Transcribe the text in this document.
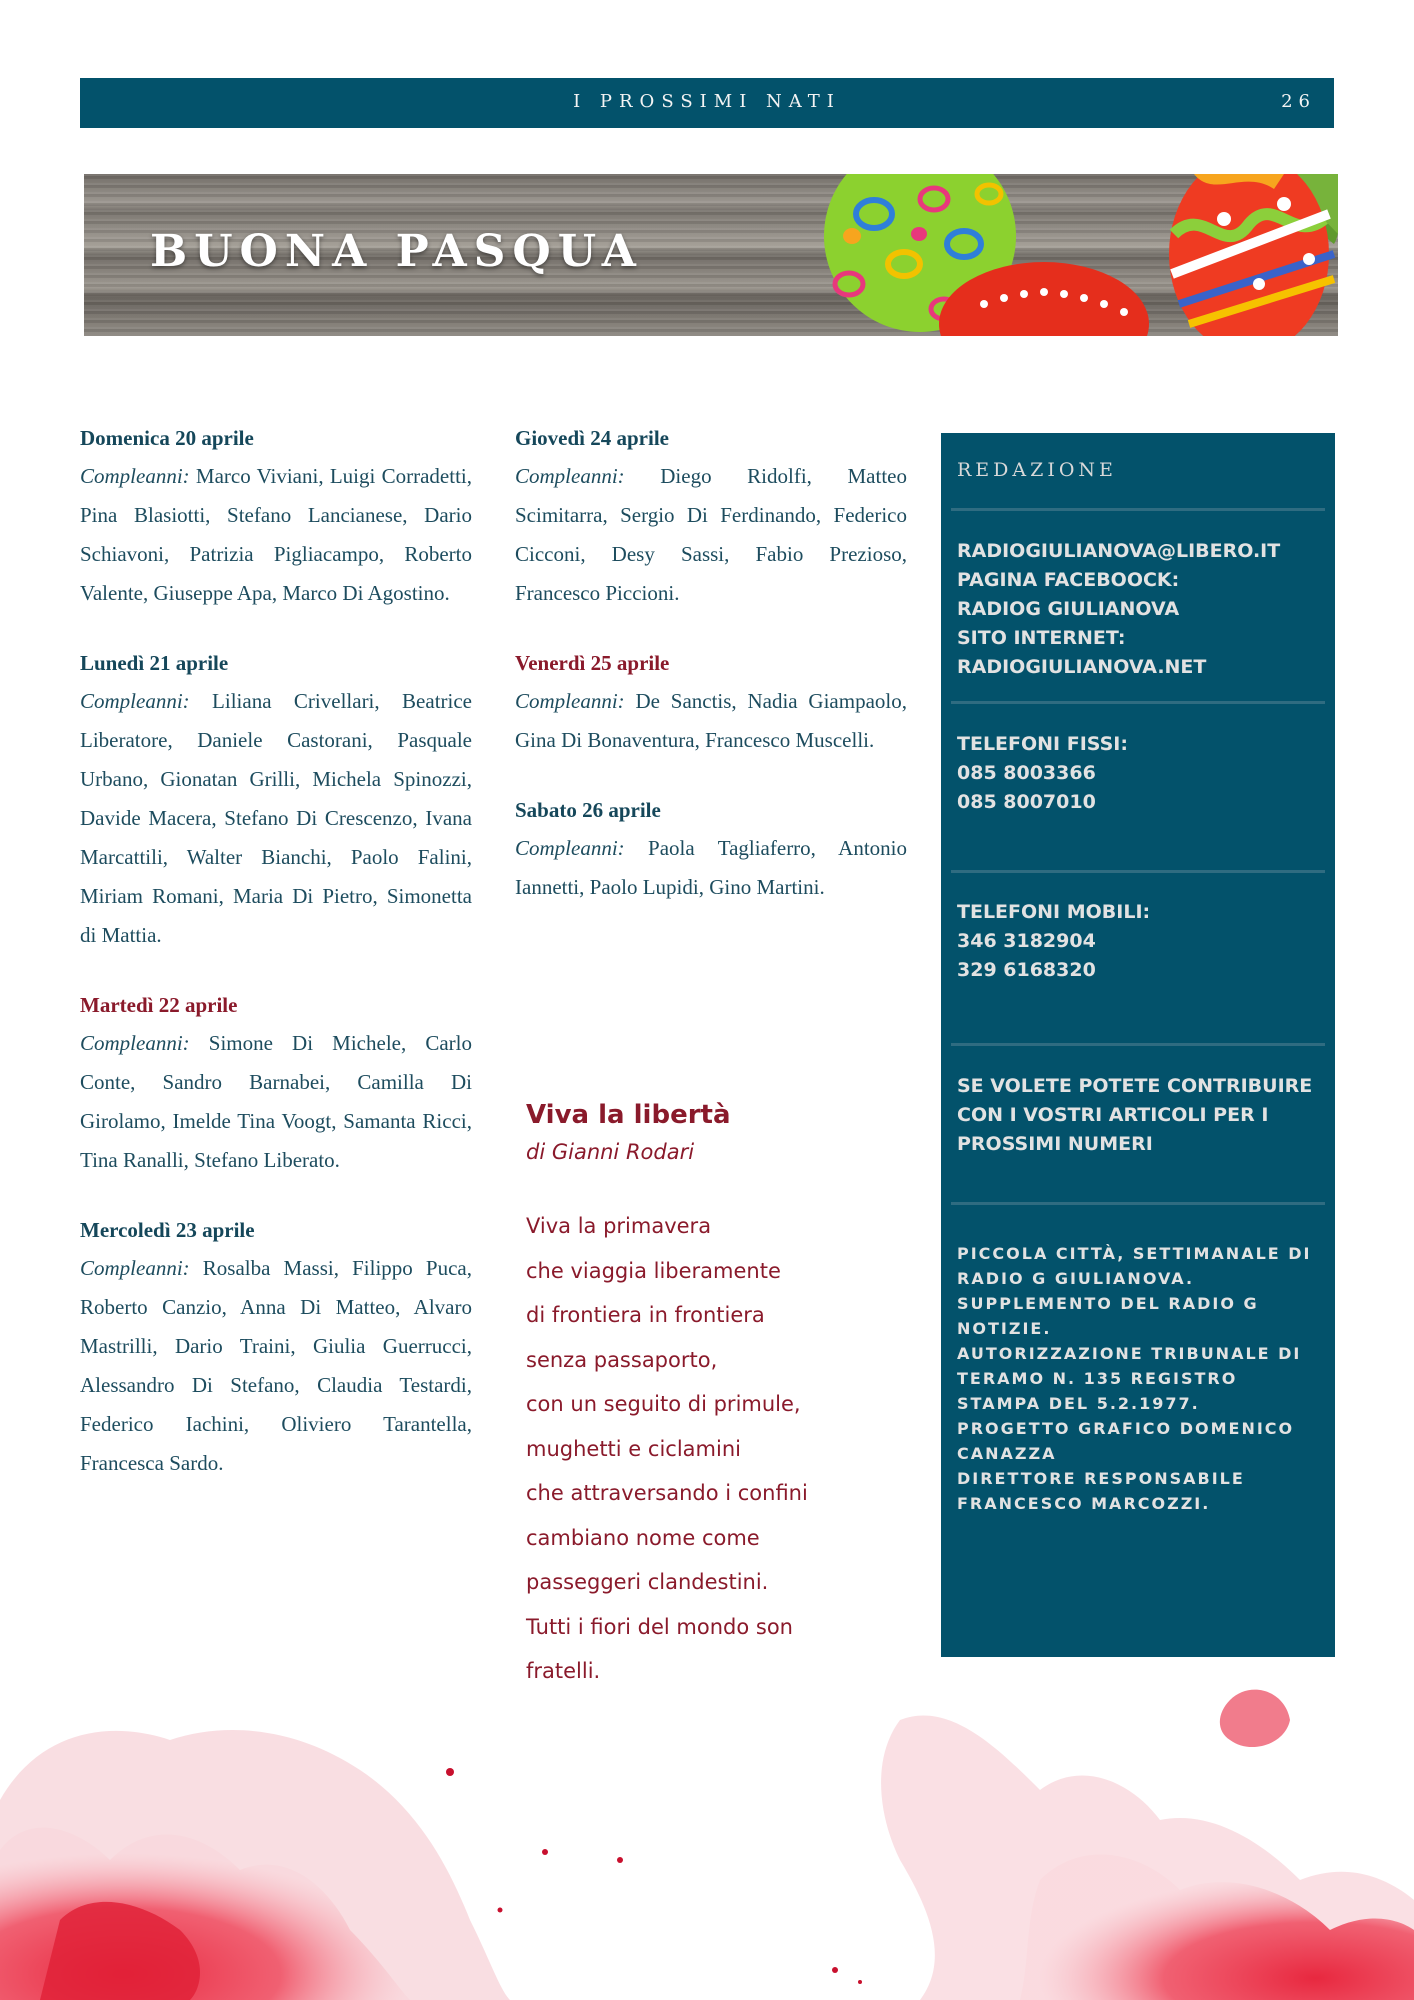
I PROSSIMI NATI	26
BUONA PASQUA

Domenica 20 aprile

Compleanni: Marco Viviani, Luigi Corradetti, Pina Blasiotti, Stefano Lancianese, Dario Schiavoni, Patrizia Pigliacampo, Roberto Valente, Giuseppe Apa, Marco Di Agostino.

Lunedì 21 aprile

Compleanni: Liliana Crivellari, Beatrice Liberatore, Daniele Castorani, Pasquale Urbano, Gionatan Grilli, Michela Spinozzi, Davide Macera, Stefano Di Crescenzo, Ivana Marcattili, Walter Bianchi, Paolo Falini, Miriam Romani, Maria Di Pietro, Simonetta di Mattia.

Martedì 22 aprile

Compleanni: Simone Di Michele, Carlo Conte, Sandro Barnabei, Camilla Di Girolamo, Imelde Tina Voogt, Samanta Ricci, Tina Ranalli, Stefano Liberato.

Mercoledì 23 aprile

Compleanni: Rosalba Massi, Filippo Puca, Roberto Canzio, Anna Di Matteo, Alvaro Mastrilli, Dario Traini, Giulia Guerrucci, Alessandro Di Stefano, Claudia Testardi, Federico Iachini, Oliviero Tarantella, Francesca Sardo.

Giovedì 24 aprile

Compleanni: Diego Ridolfi, Matteo Scimitarra, Sergio Di Ferdinando, Federico Cicconi, Desy Sassi, Fabio Prezioso, Francesco Piccioni.

Venerdì 25 aprile

Compleanni: De Sanctis, Nadia Giampaolo, Gina Di Bonaventura, Francesco Muscelli.

Sabato 26 aprile

Compleanni: Paola Tagliaferro, Antonio Iannetti, Paolo Lupidi, Gino Martini.

Viva la libertà

di Gianni Rodari

Viva la primavera
che viaggia liberamente
di frontiera in frontiera
senza passaporto,
con un seguito di primule,
mughetti e ciclamini
che attraversando i confini
cambiano nome come
passeggeri clandestini.
Tutti i fiori del mondo son
fratelli.
REDAZIONE
RADIOGIULIANOVA@LIBERO.IT
PAGINA FACEBOOCK:
RADIOG GIULIANOVA
SITO INTERNET:
RADIOGIULIANOVA.NET
TELEFONI FISSI:
085 8003366
085 8007010
TELEFONI MOBILI:
346 3182904
329 6168320
SE VOLETE POTETE CONTRIBUIRE CON I VOSTRI ARTICOLI PER I PROSSIMI NUMERI
PICCOLA CITTÀ, SETTIMANALE DI RADIO G GIULIANOVA.
SUPPLEMENTO DEL RADIO G NOTIZIE.
AUTORIZZAZIONE TRIBUNALE DI TERAMO N. 135 REGISTRO STAMPA DEL 5.2.1977.
PROGETTO GRAFICO DOMENICO CANAZZA
DIRETTORE RESPONSABILE FRANCESCO MARCOZZI.
